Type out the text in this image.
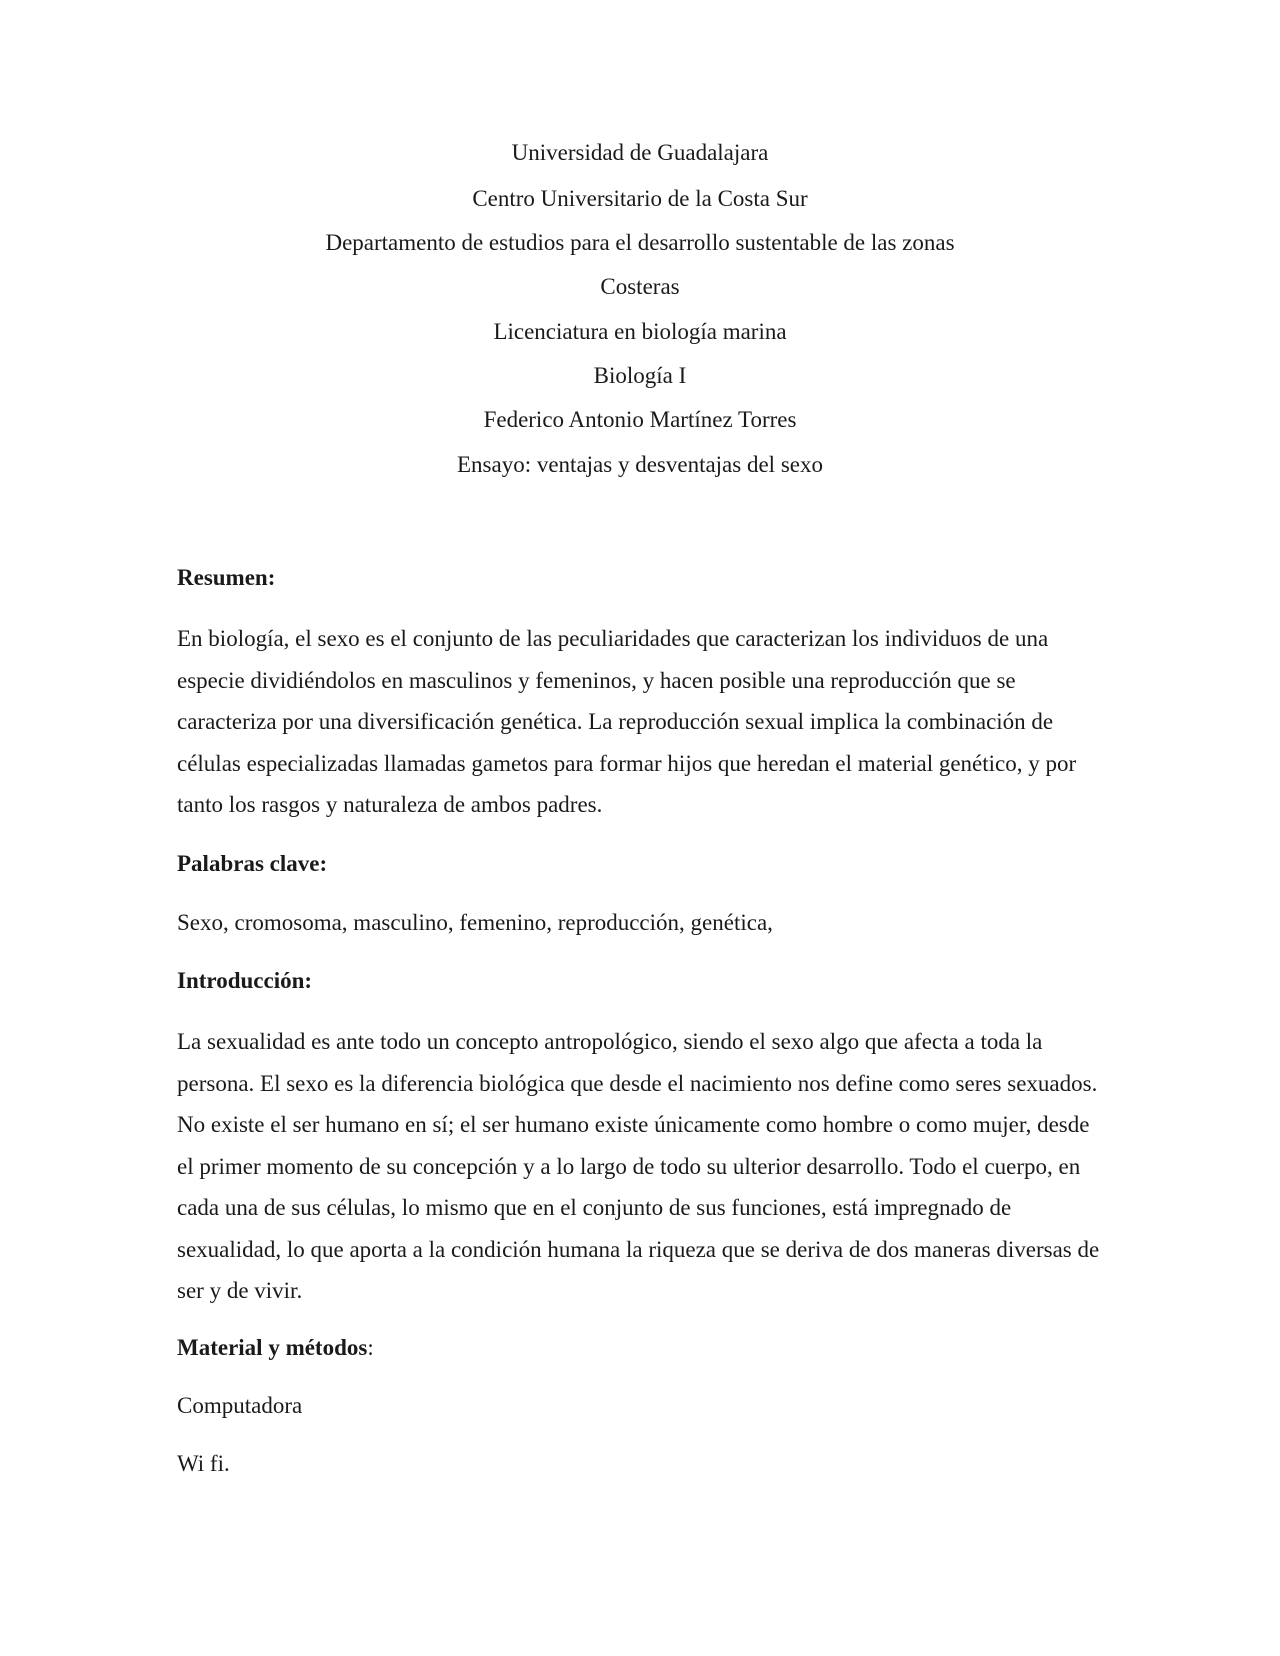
Universidad de Guadalajara
Centro Universitario de la Costa Sur
Departamento de estudios para el desarrollo sustentable de las zonas
Costeras
Licenciatura en biología marina
Biología I
Federico Antonio Martínez Torres
Ensayo: ventajas y desventajas del sexo
Resumen:
En biología, el sexo es el conjunto de las peculiaridades que caracterizan los individuos de una especie dividiéndolos en masculinos y femeninos, y hacen posible una reproducción que se caracteriza por una diversificación genética. La reproducción sexual implica la combinación de células especializadas llamadas gametos para formar hijos que heredan el material genético, y por tanto los rasgos y naturaleza de ambos padres.
Palabras clave:
Sexo, cromosoma, masculino, femenino, reproducción, genética,
Introducción:
La sexualidad es ante todo un concepto antropológico, siendo el sexo algo que afecta a toda la persona. El sexo es la diferencia biológica que desde el nacimiento nos define como seres sexuados. No existe el ser humano en sí; el ser humano existe únicamente como hombre o como mujer, desde el primer momento de su concepción y a lo largo de todo su ulterior desarrollo. Todo el cuerpo, en cada una de sus células, lo mismo que en el conjunto de sus funciones, está impregnado de sexualidad, lo que aporta a la condición humana la riqueza que se deriva de dos maneras diversas de ser y de vivir.
Material y métodos:
Computadora
Wi fi.
